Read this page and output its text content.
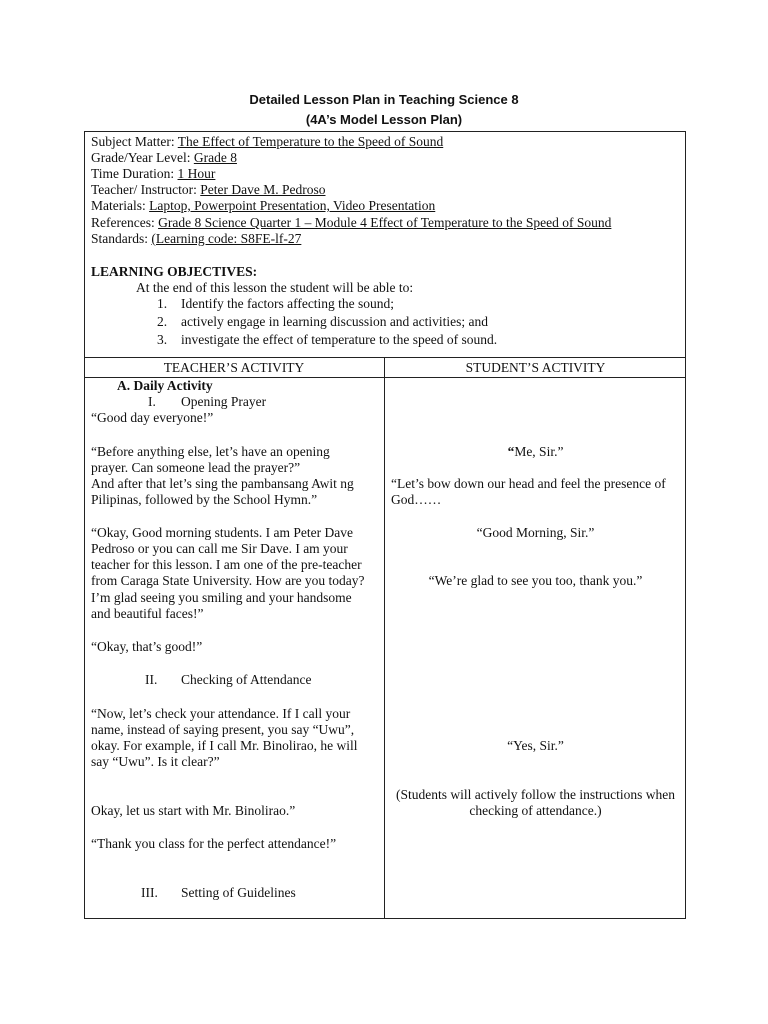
Detailed Lesson Plan in Teaching Science 8
(4A’s Model Lesson Plan)
Subject Matter: The Effect of Temperature to the Speed of Sound
Grade/Year Level: Grade 8
Time Duration: 1 Hour
Teacher/ Instructor: Peter Dave M. Pedroso
Materials: Laptop, Powerpoint Presentation, Video Presentation
References: Grade 8 Science Quarter 1 – Module 4 Effect of Temperature to the Speed of Sound
Standards: (Learning code: S8FE-lf-27
LEARNING OBJECTIVES:
At the end of this lesson the student will be able to:
1. Identify the factors affecting the sound;
2. actively engage in learning discussion and activities; and
3. investigate the effect of temperature to the speed of sound.
TEACHER’S ACTIVITY	STUDENT’S ACTIVITY
A. Daily Activity
I. Opening Prayer
“Good day everyone!”
“Before anything else, let’s have an opening
prayer. Can someone lead the prayer?”
And after that let’s sing the pambansang Awit ng
Pilipinas, followed by the School Hymn.”
“Okay, Good morning students. I am Peter Dave
Pedroso or you can call me Sir Dave. I am your
teacher for this lesson. I am one of the pre-teacher
from Caraga State University. How are you today?
I’m glad seeing you smiling and your handsome
and beautiful faces!”
“Okay, that’s good!”
II. Checking of Attendance
“Now, let’s check your attendance. If I call your
name, instead of saying present, you say “Uwu”,
okay. For example, if I call Mr. Binolirao, he will
say “Uwu”. Is it clear?”
Okay, let us start with Mr. Binolirao.”
“Thank you class for the perfect attendance!”
III. Setting of Guidelines
“Me, Sir.”
“Let’s bow down our head and feel the presence of
God……
“Good Morning, Sir.”
“We’re glad to see you too, thank you.”
“Yes, Sir.”
(Students will actively follow the instructions when
checking of attendance.)
